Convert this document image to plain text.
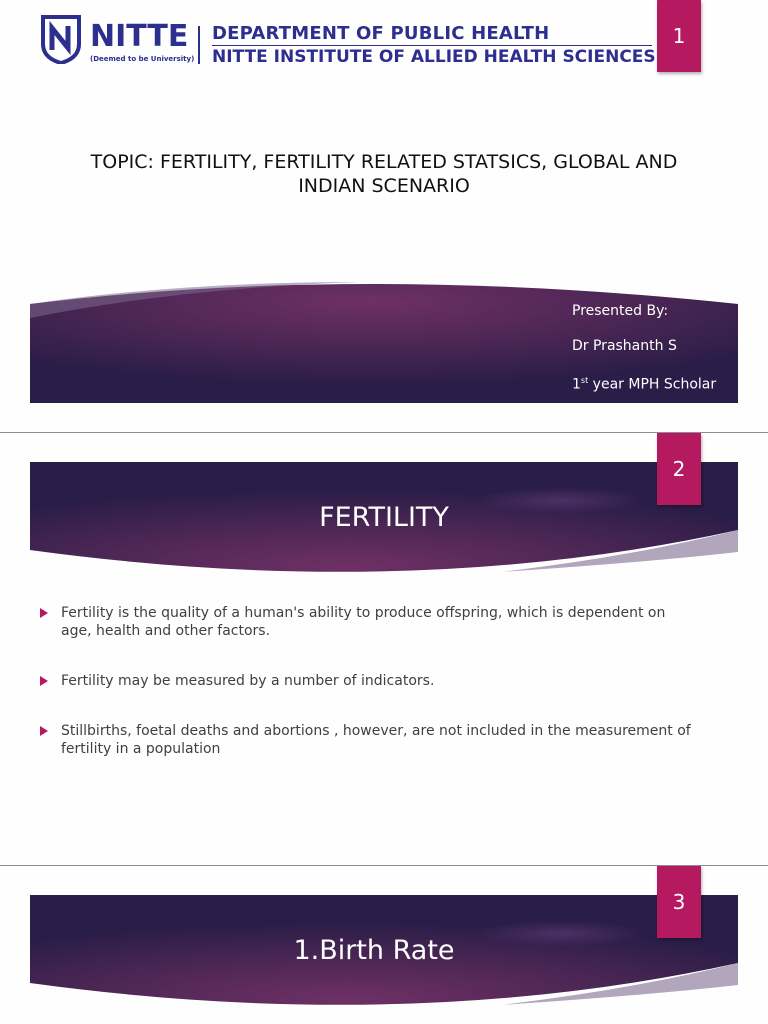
NITTE
(Deemed to be University)
DEPARTMENT OF PUBLIC HEALTH
NITTE INSTITUTE OF ALLIED HEALTH SCIENCES
1
TOPIC: FERTILITY, FERTILITY RELATED STATSICS, GLOBAL AND
INDIAN SCENARIO
Presented By:
Dr Prashanth S
1st year MPH Scholar
FERTILITY
2
Fertility is the quality of a human's ability to produce offspring, which is dependent on age, health and other factors.
Fertility may be measured by a number of indicators.
Stillbirths, foetal deaths and abortions , however, are not included in the measurement of fertility in a population
1.Birth Rate
3
